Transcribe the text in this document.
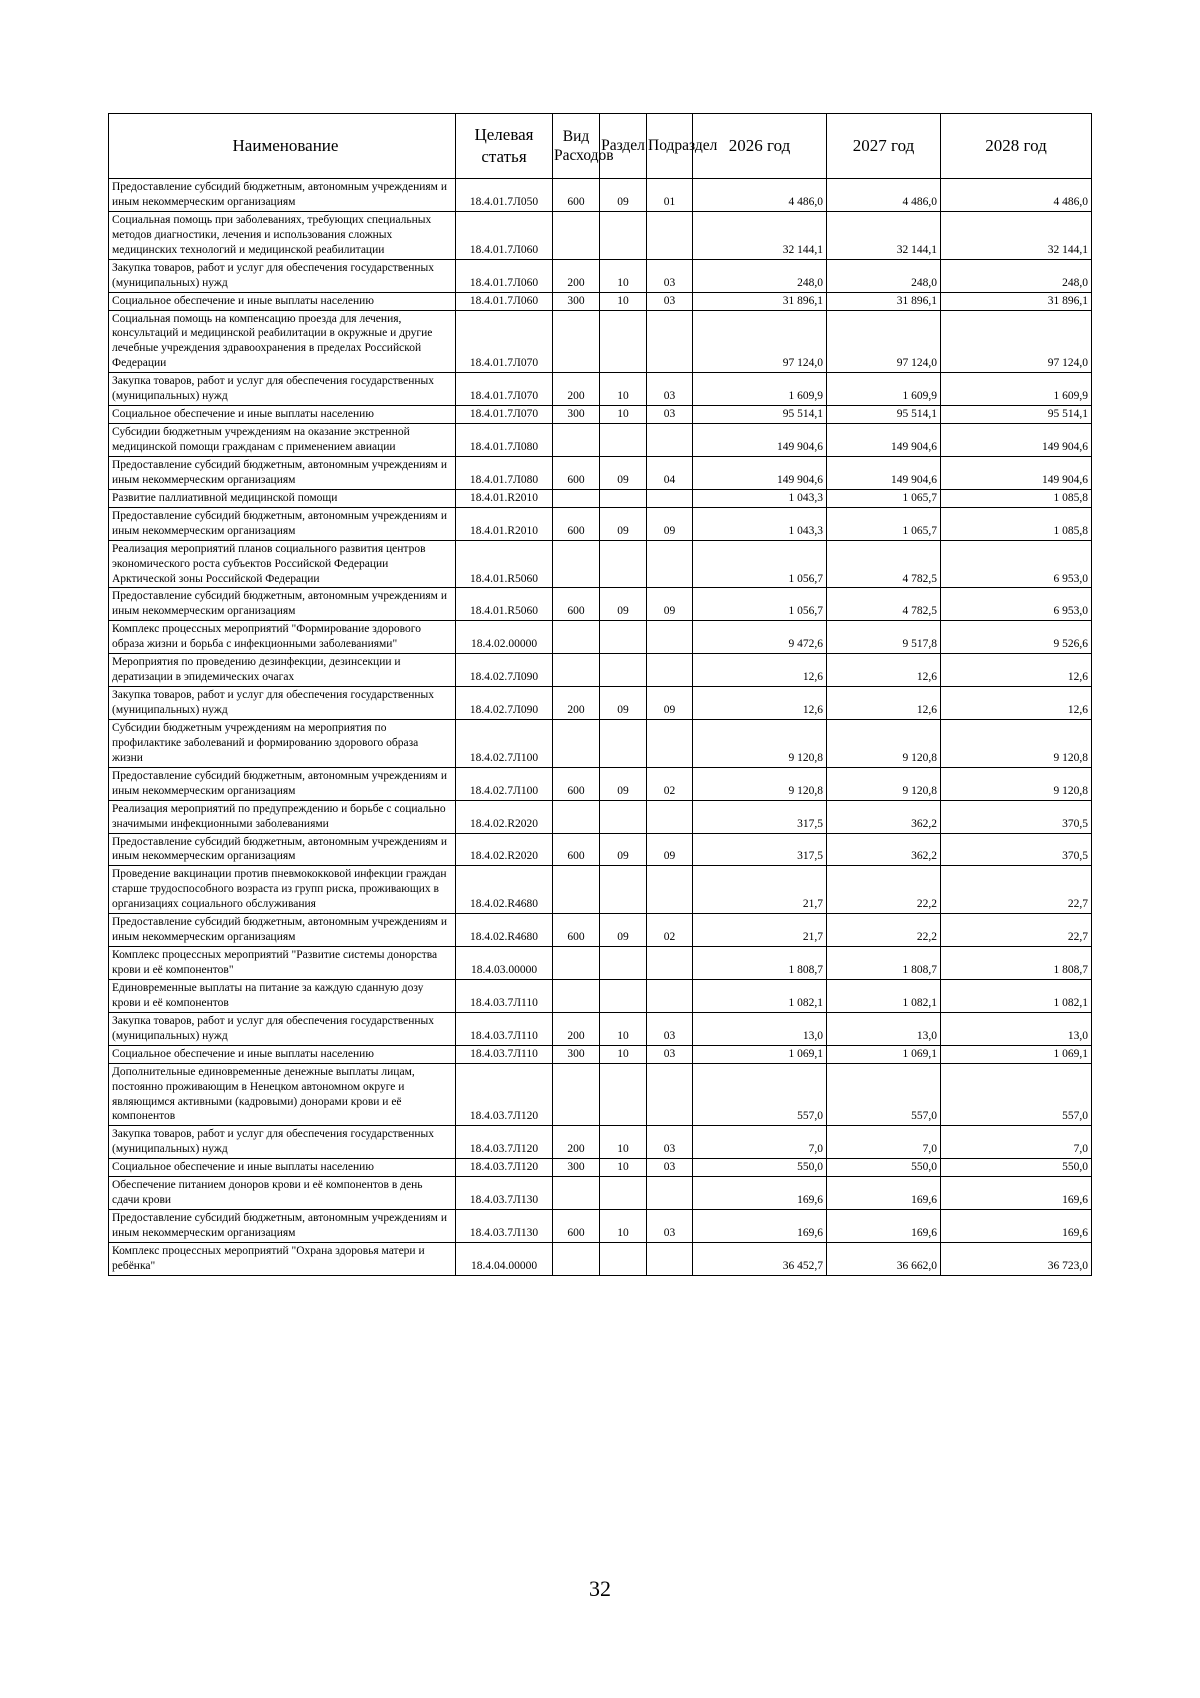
Наименование	Целевая статья	Вид Расходов	Раздел	Подраздел	2026 год	2027 год	2028 год
Предоставление субсидий бюджетным, автономным учреждениям и иным некоммерческим организациям	18.4.01.7Л050	600	09	01	4 486,0	4 486,0	4 486,0
Социальная помощь при заболеваниях, требующих специальных методов диагностики, лечения и использования сложных медицинских технологий и медицинской реабилитации	18.4.01.7Л060				32 144,1	32 144,1	32 144,1
Закупка товаров, работ и услуг для обеспечения государственных (муниципальных) нужд	18.4.01.7Л060	200	10	03	248,0	248,0	248,0
Социальное обеспечение и иные выплаты населению	18.4.01.7Л060	300	10	03	31 896,1	31 896,1	31 896,1
Социальная помощь на компенсацию проезда для лечения, консультаций и медицинской реабилитации в окружные и другие лечебные учреждения здравоохранения в пределах Российской Федерации	18.4.01.7Л070				97 124,0	97 124,0	97 124,0
Закупка товаров, работ и услуг для обеспечения государственных (муниципальных) нужд	18.4.01.7Л070	200	10	03	1 609,9	1 609,9	1 609,9
Социальное обеспечение и иные выплаты населению	18.4.01.7Л070	300	10	03	95 514,1	95 514,1	95 514,1
Субсидии бюджетным учреждениям на оказание экстренной медицинской помощи гражданам с применением авиации	18.4.01.7Л080				149 904,6	149 904,6	149 904,6
Предоставление субсидий бюджетным, автономным учреждениям и иным некоммерческим организациям	18.4.01.7Л080	600	09	04	149 904,6	149 904,6	149 904,6
Развитие паллиативной медицинской помощи	18.4.01.R2010				1 043,3	1 065,7	1 085,8
Предоставление субсидий бюджетным, автономным учреждениям и иным некоммерческим организациям	18.4.01.R2010	600	09	09	1 043,3	1 065,7	1 085,8
Реализация мероприятий планов социального развития центров экономического роста субъектов Российской Федерации Арктической зоны Российской Федерации	18.4.01.R5060				1 056,7	4 782,5	6 953,0
Предоставление субсидий бюджетным, автономным учреждениям и иным некоммерческим организациям	18.4.01.R5060	600	09	09	1 056,7	4 782,5	6 953,0
Комплекс процессных мероприятий "Формирование здорового образа жизни и борьба с инфекционными заболеваниями"	18.4.02.00000				9 472,6	9 517,8	9 526,6
Мероприятия по проведению дезинфекции, дезинсекции и дератизации в эпидемических очагах	18.4.02.7Л090				12,6	12,6	12,6
Закупка товаров, работ и услуг для обеспечения государственных (муниципальных) нужд	18.4.02.7Л090	200	09	09	12,6	12,6	12,6
Субсидии бюджетным учреждениям на мероприятия по профилактике заболеваний и формированию здорового образа жизни	18.4.02.7Л100				9 120,8	9 120,8	9 120,8
Предоставление субсидий бюджетным, автономным учреждениям и иным некоммерческим организациям	18.4.02.7Л100	600	09	02	9 120,8	9 120,8	9 120,8
Реализация мероприятий по предупреждению и борьбе с социально значимыми инфекционными заболеваниями	18.4.02.R2020				317,5	362,2	370,5
Предоставление субсидий бюджетным, автономным учреждениям и иным некоммерческим организациям	18.4.02.R2020	600	09	09	317,5	362,2	370,5
Проведение вакцинации против пневмококковой инфекции граждан старше трудоспособного возраста из групп риска, проживающих в организациях социального обслуживания	18.4.02.R4680				21,7	22,2	22,7
Предоставление субсидий бюджетным, автономным учреждениям и иным некоммерческим организациям	18.4.02.R4680	600	09	02	21,7	22,2	22,7
Комплекс процессных мероприятий "Развитие системы донорства крови и её компонентов"	18.4.03.00000				1 808,7	1 808,7	1 808,7
Единовременные выплаты на питание за каждую сданную дозу крови и её компонентов	18.4.03.7Л110				1 082,1	1 082,1	1 082,1
Закупка товаров, работ и услуг для обеспечения государственных (муниципальных) нужд	18.4.03.7Л110	200	10	03	13,0	13,0	13,0
Социальное обеспечение и иные выплаты населению	18.4.03.7Л110	300	10	03	1 069,1	1 069,1	1 069,1
Дополнительные единовременные денежные выплаты лицам, постоянно проживающим в Ненецком автономном округе и являющимся активными (кадровыми) донорами крови и её компонентов	18.4.03.7Л120				557,0	557,0	557,0
Закупка товаров, работ и услуг для обеспечения государственных (муниципальных) нужд	18.4.03.7Л120	200	10	03	7,0	7,0	7,0
Социальное обеспечение и иные выплаты населению	18.4.03.7Л120	300	10	03	550,0	550,0	550,0
Обеспечение питанием доноров крови и её компонентов в день сдачи крови	18.4.03.7Л130				169,6	169,6	169,6
Предоставление субсидий бюджетным, автономным учреждениям и иным некоммерческим организациям	18.4.03.7Л130	600	10	03	169,6	169,6	169,6
Комплекс процессных мероприятий "Охрана здоровья матери и ребёнка"	18.4.04.00000				36 452,7	36 662,0	36 723,0
32
